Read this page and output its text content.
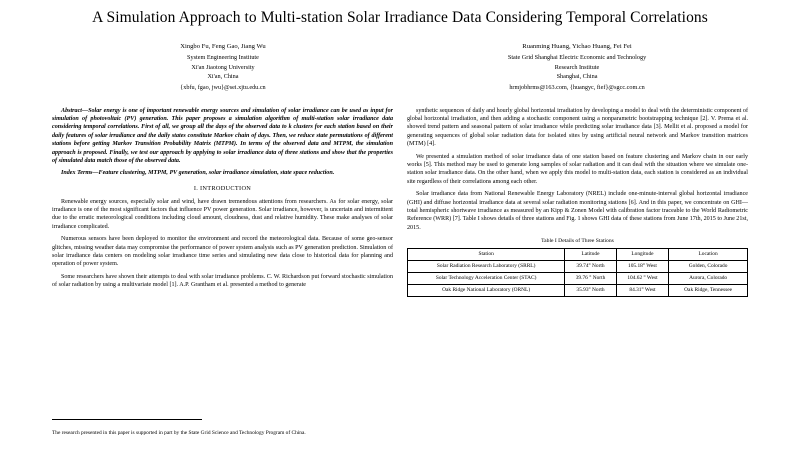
A Simulation Approach to Multi-station Solar Irradiance Data Considering Temporal Correlations
Xingbo Fu, Feng Gao, Jiang Wu
System Engineering Institute
Xi'an Jiaotong University
Xi'an, China
{xbfu, fgao, jwu}@sei.xjtu.edu.cn
Ruanming Huang, Yichao Huang, Fei Fei
State Grid Shanghai Electric Economic and Technology
Research Institute
Shanghai, China
hrmjobhrms@163.com, {huangyc, fief}@sgcc.com.cn

Abstract—Solar energy is one of important renewable energy sources and simulation of solar irradiance can be used as input for simulation of photovoltaic (PV) generation. This paper proposes a simulation algorithm of multi-station solar irradiance data considering temporal correlations. First of all, we group all the days of the observed data to k clusters for each station based on their daily features of solar irradiance and the daily states constitute Markov chain of days. Then, we reduce state permutations of different stations before getting Markov Transition Probability Matrix (MTPM). In terms of the observed data and MTPM, the simulation approach is proposed. Finally, we test our approach by applying to solar irradiance data of three stations and show that the properties of simulated data match those of the observed data.

Index Terms—Feature clustering, MTPM, PV generation, solar irradiance simulation, state space reduction.

I. INTRODUCTION

Renewable energy sources, especially solar and wind, have drawn tremendous attentions from researchers. As for solar energy, solar irradiance is one of the most significant factors that influence PV power generation. Solar irradiance, however, is uncertain and intermittent due to the erratic meteorological conditions including cloud amount, cloudness, dust and relative humidity. These make analyses of solar irradiance complicated.

Numerous sensors have been deployed to monitor the environment and record the meteorological data. Because of some geo-sensor glitches, missing weather data may compromise the performance of power system analysis such as PV generation prediction. Simulation of solar irradiance data centers on modeling solar irradiance time series and simulating new data close to historical data for planning and operation of power system.

Some researchers have shown their attempts to deal with solar irradiance problems. C. W. Richardson put forward stochastic simulation of solar radiation by using a multivariate model [1]. A.P. Grantham et al. presented a method to generate

synthetic sequences of daily and hourly global horizontal irradiation by developing a model to deal with the deterministic component of global horizontal irradiation, and then adding a stochastic component using a nonparametric bootstrapping technique [2]. V. Prema et al. showed trend pattern and seasonal pattern of solar irradiance while predicting solar irradiance data [3]. Mellit et al. proposed a model for generating sequences of global solar radiation data for isolated sites by using artificial neural network and Markov transition matrices (MTM) [4].

We presented a simulation method of solar irradiance data of one station based on feature clustering and Markov chain in our early works [5]. This method may be used to generate long samples of solar radiation and it can deal with the situation where we simulate one-station solar irradiance data. On the other hand, when we apply this model to multi-station data, each station is considered as an individual site regardless of their correlations among each other.

Solar irradiance data from National Renewable Energy Laboratory (NREL) include one-minute-interval global horizontal irradiance (GHI) and diffuse horizontal irradiance data at several solar radiation monitoring stations [6]. And in this paper, we concentrate on GHI—total hemispheric shortwave irradiance as measured by an Kipp & Zonen Model with calibration factor traceable to the World Radiometric Reference (WRR) [7]. Table I shows details of three stations and Fig. 1 shows GHI data of these stations from June 17th, 2015 to June 21st, 2015.

Table I Details of Three Stations

Station	Latitude	Longitude	Location
Solar Radiation Research Laboratory (SRRL)	39.74° North	105.18° West	Golden, Colorado
Solar Technology Acceleration Center (STAC)	39.76 ° North	104.62 ° West	Aurora, Colorado
Oak Ridge National Laboratory (ORNL)	35.93° North	84.31° West	Oak Ridge, Tennessee
The research presented in this paper is supported in part by the State Grid Science and Technology Program of China.
